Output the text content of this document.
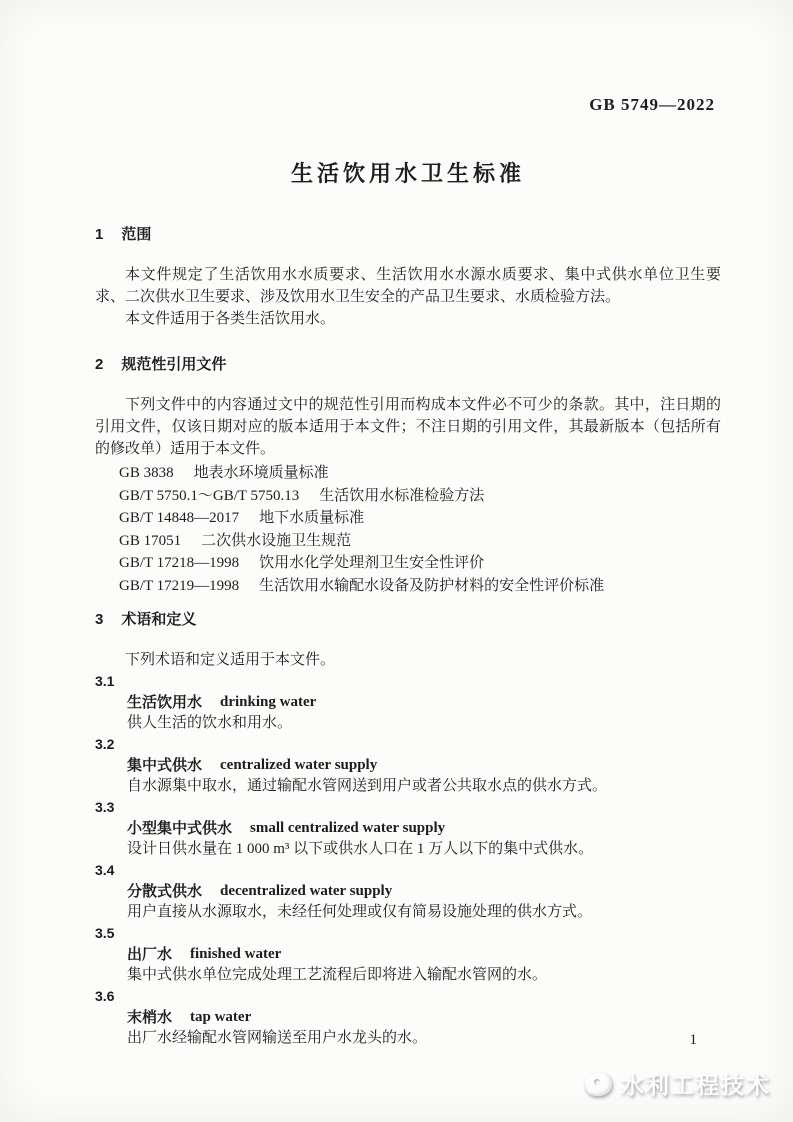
GB 5749—2022
生活饮用水卫生标准
1 范围

本文件规定了生活饮用水水质要求、生活饮用水水源水质要求、集中式供水单位卫生要求、二次供水卫生要求、涉及饮用水卫生安全的产品卫生要求、水质检验方法。

本文件适用于各类生活饮用水。

2 规范性引用文件

下列文件中的内容通过文中的规范性引用而构成本文件必不可少的条款。其中，注日期的引用文件，仅该日期对应的版本适用于本文件；不注日期的引用文件，其最新版本（包括所有的修改单）适用于本文件。

GB 3838 地表水环境质量标准
GB/T 5750.1～GB/T 5750.13 生活饮用水标准检验方法
GB/T 14848—2017 地下水质量标准
GB 17051 二次供水设施卫生规范
GB/T 17218—1998 饮用水化学处理剂卫生安全性评价
GB/T 17219—1998 生活饮用水输配水设备及防护材料的安全性评价标准
3 术语和定义

下列术语和定义适用于本文件。

3.1
生活饮用水 drinking water
供人生活的饮水和用水。
3.2
集中式供水 centralized water supply
自水源集中取水，通过输配水管网送到用户或者公共取水点的供水方式。
3.3
小型集中式供水 small centralized water supply
设计日供水量在 1 000 m³ 以下或供水人口在 1 万人以下的集中式供水。
3.4
分散式供水 decentralized water supply
用户直接从水源取水，未经任何处理或仅有简易设施处理的供水方式。
3.5
出厂水 finished water
集中式供水单位完成处理工艺流程后即将进入输配水管网的水。
3.6
末梢水 tap water
出厂水经输配水管网输送至用户水龙头的水。	1
水利工程技术
